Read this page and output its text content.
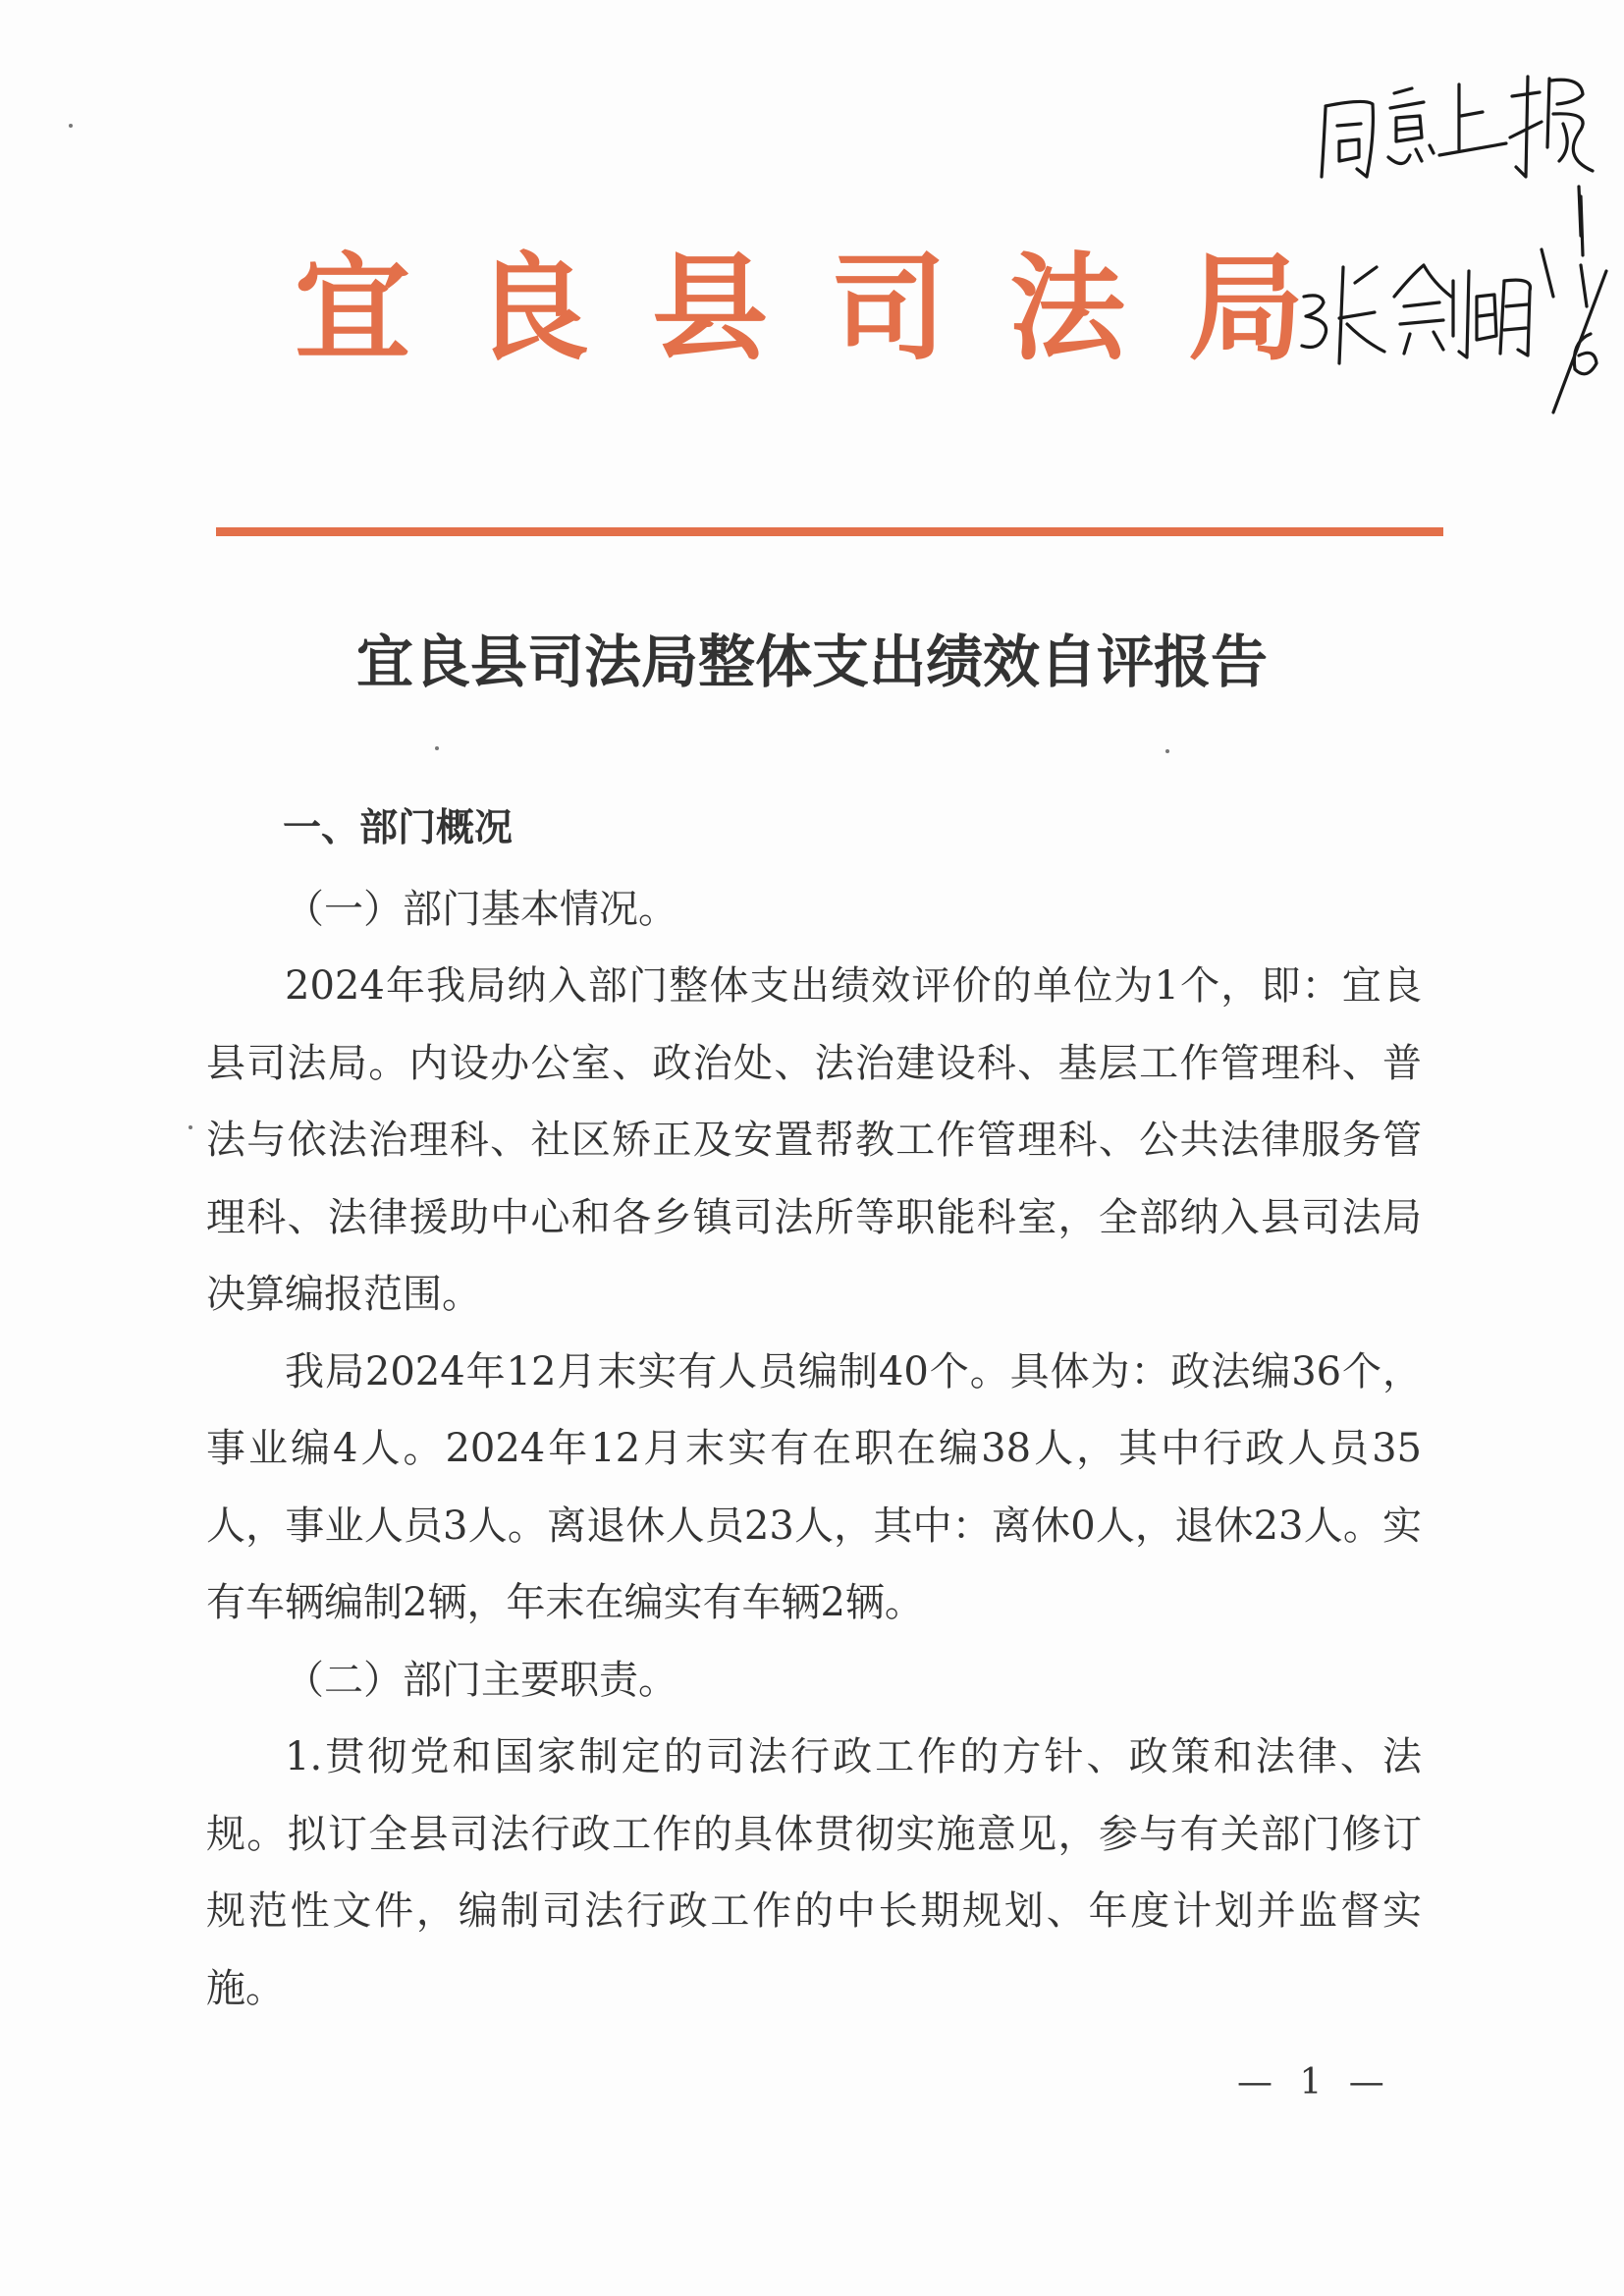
宜良县司法局
宜良县司法局整体支出绩效自评报告

一、部门概况

（一）部门基本情况。

2024年我局纳入部门整体支出绩效评价的单位为1个，即：宜良县司法局。内设办公室、政治处、法治建设科、基层工作管理科、普法与依法治理科、社区矫正及安置帮教工作管理科、公共法律服务管理科、法律援助中心和各乡镇司法所等职能科室，全部纳入县司法局决算编报范围。

我局2024年12月末实有人员编制40个。具体为：政法编36个，事业编4人。2024年12月末实有在职在编38人，其中行政人员35人，事业人员3人。离退休人员23人，其中：离休0人，退休23人。实有车辆编制2辆，年末在编实有车辆2辆。

（二）部门主要职责。

1.贯彻党和国家制定的司法行政工作的方针、政策和法律、法规。拟订全县司法行政工作的具体贯彻实施意见，参与有关部门修订规范性文件，编制司法行政工作的中长期规划、年度计划并监督实施。

— 1 —
